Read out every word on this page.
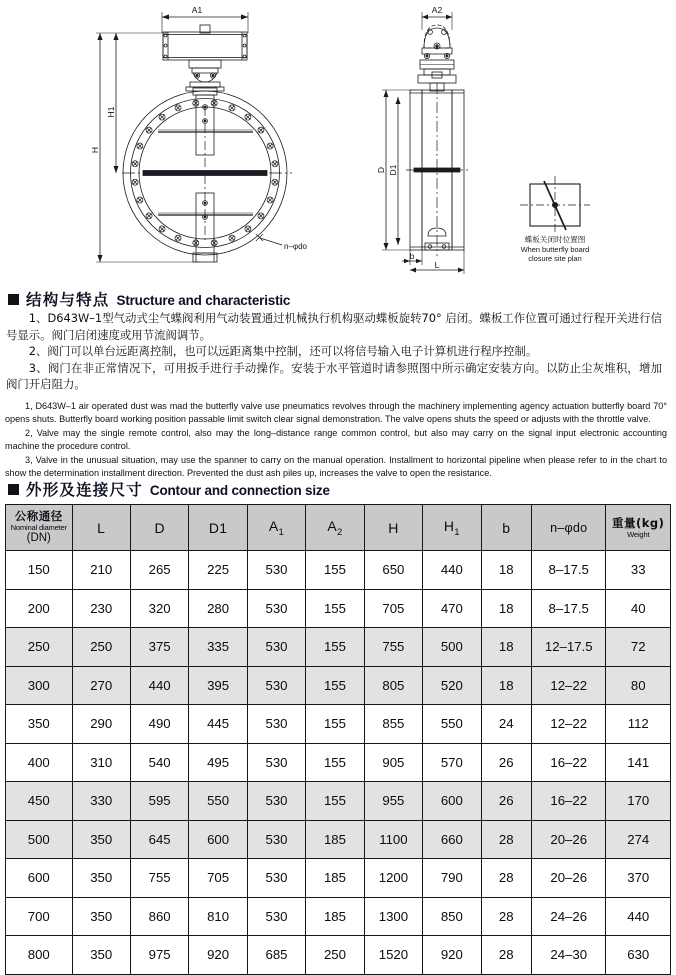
A1
H
H1
n–φdo
A2
D D1
b
L
蝶板关闭时位置图
When butterfly board
closure site plan
结构与特点 Structure and characteristic

1、D643W–1型气动式尘气蝶阀利用气动装置通过机械执行机构驱动蝶板旋转70° 启闭。蝶板工作位置可通过行程开关进行信号显示。阀门启闭速度或用节流阀调节。

2、阀门可以单台远距离控制，也可以远距离集中控制，还可以将信号输入电子计算机进行程序控制。

3、阀门在非正常情况下，可用扳手进行手动操作。安装于水平管道时请参照图中所示确定安装方向。以防止尘灰堆积，增加阀门开启阻力。

1, D643W–1 air operated dust was mad the butterfly valve use pneumatics revolves through the machinery implementing agency actuation butterfly board 70° opens shuts. Butterfly board working position passable limit switch clear signal demonstration. The valve opens shuts the speed or adjusts with the throttle valve.

2, Valve may the single remote control, also may the long–distance range common control, but also may carry on the signal input electronic accounting machine the procedure control.

3, Valve in the unusual situation, may use the spanner to carry on the manual operation. Installment to horizontal pipeline when please refer to in the chart to show the determination installment direction. Prevented the dust ash piles up, increases the valve to open the resistance.

外形及连接尺寸 Contour and connection size
公称通径
Nominal diameter
(DN)	L	D	D1	$A_1$	$A_2$	H	$H_1$	b	n–φdo	重量(kg)
Weight

150	210	265	225	530	155	650	440	18	8–17.5	33
200	230	320	280	530	155	705	470	18	8–17.5	40
250	250	375	335	530	155	755	500	18	12–17.5	72
300	270	440	395	530	155	805	520	18	12–22	80
350	290	490	445	530	155	855	550	24	12–22	112
400	310	540	495	530	155	905	570	26	16–22	141
450	330	595	550	530	155	955	600	26	16–22	170
500	350	645	600	530	185	1100	660	28	20–26	274
600	350	755	705	530	185	1200	790	28	20–26	370
700	350	860	810	530	185	1300	850	28	24–26	440
800	350	975	920	685	250	1520	920	28	24–30	630
